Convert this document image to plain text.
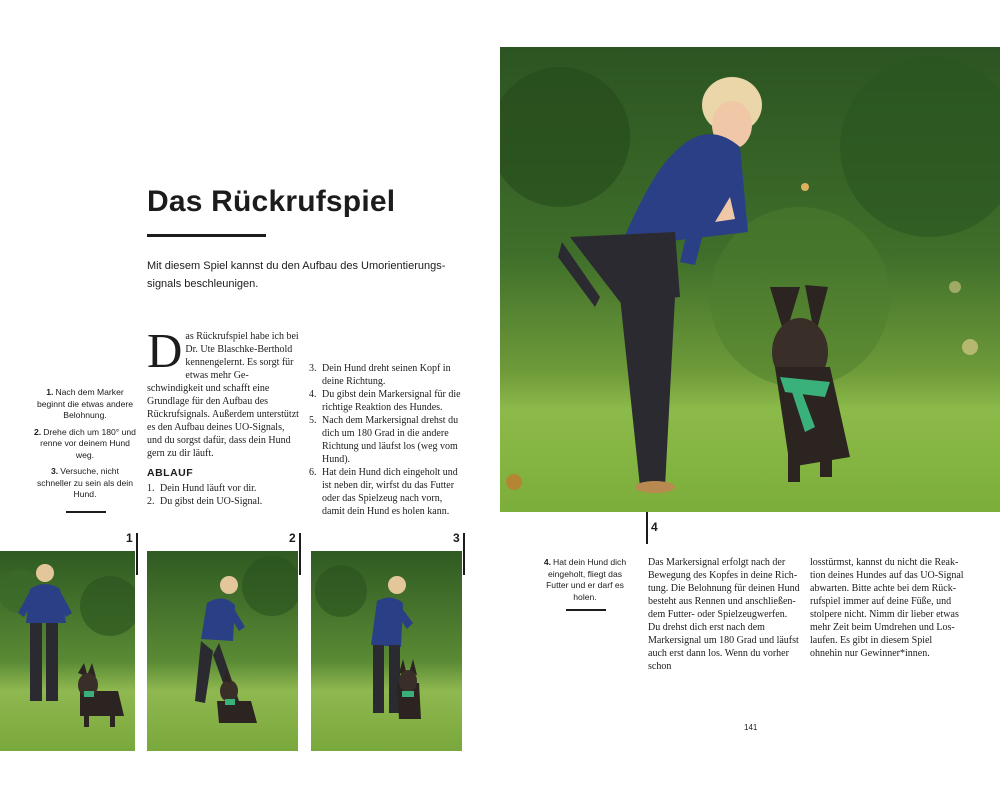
Das Rückrufspiel
Mit diesem Spiel kannst du den Aufbau des Umorientierungssignals beschleunigen.
1. Nach dem Marker beginnt die etwas andere Belohnung.
2. Drehe dich um 180° und renne vor deinem Hund weg.
3. Versuche, nicht schneller zu sein als dein Hund.
D as Rückrufspiel habe ich bei Dr. Ute Blaschke-Berthold kennengelernt. Es sorgt für etwas mehr Geschwindigkeit und schafft eine Grundlage für den Aufbau des Rückrufsignals. Außerdem unterstützt es den Aufbau deines UO-Signals, und du sorgst dafür, dass dein Hund gern zu dir läuft.
ABLAUF
1. Dein Hund läuft vor dir.
2. Du gibst dein UO-Signal.
3. Dein Hund dreht seinen Kopf in deine Richtung.
4. Du gibst dein Markersignal für die richtige Reaktion des Hundes.
5. Nach dem Markersignal drehst du dich um 180 Grad in die andere Richtung und läufst los (weg vom Hund).
6. Hat dein Hund dich eingeholt und ist neben dir, wirfst du das Futter oder das Spielzeug nach vorn, damit dein Hund es holen kann.
1	2	3
4
4. Hat dein Hund dich eingeholt, fliegt das Futter und er darf es holen.
Das Markersignal erfolgt nach der Bewegung des Kopfes in deine Richtung. Die Belohnung für deinen Hund besteht aus Rennen und anschließendem Futter- oder Spielzeugwerfen. Du drehst dich erst nach dem Markersignal um 180 Grad und läufst auch erst dann los. Wenn du vorher schon
losstürmst, kannst du nicht die Reaktion deines Hundes auf das UO-Signal abwarten. Bitte achte bei dem Rückrufspiel immer auf deine Füße, und stolpere nicht. Nimm dir lieber etwas mehr Zeit beim Umdrehen und Loslaufen. Es gibt in diesem Spiel ohnehin nur Gewinner*innen.
141
